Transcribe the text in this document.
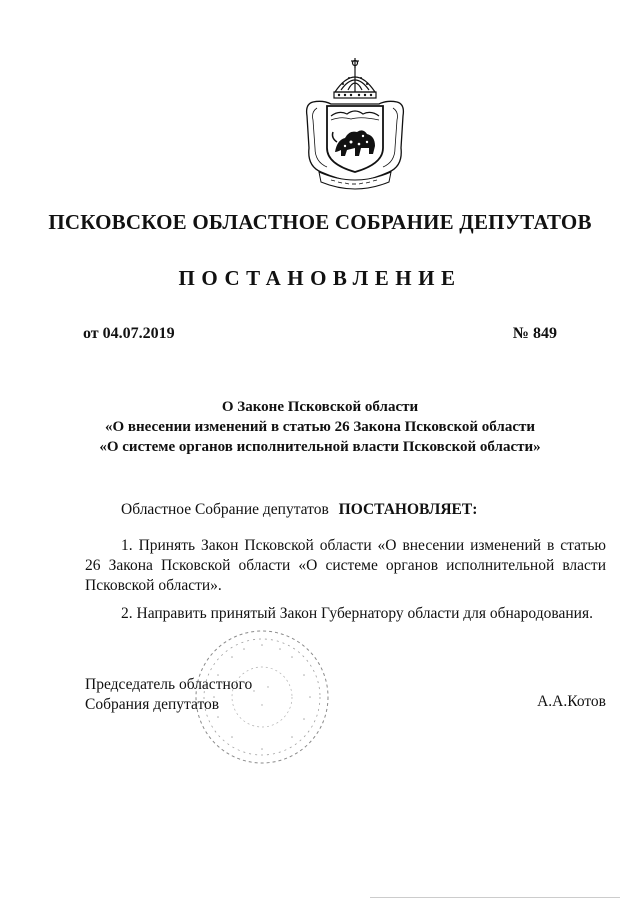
ПСКОВСКОЕ ОБЛАСТНОЕ СОБРАНИЕ ДЕПУТАТОВ
ПОСТАНОВЛЕНИЕ
от 04.07.2019	№ 849
О Законе Псковской области
«О внесении изменений в статью 26 Закона Псковской области
«О системе органов исполнительной власти Псковской области»
Областное Собрание депутатов ПОСТАНОВЛЯЕТ:
1. Принять Закон Псковской области «О внесении изменений в статью 26 Закона Псковской области «О системе органов исполнительной власти Псковской области».
2. Направить принятый Закон Губернатору области для обнародования.
Председатель областного
Собрания депутатов	А.А.Котов
